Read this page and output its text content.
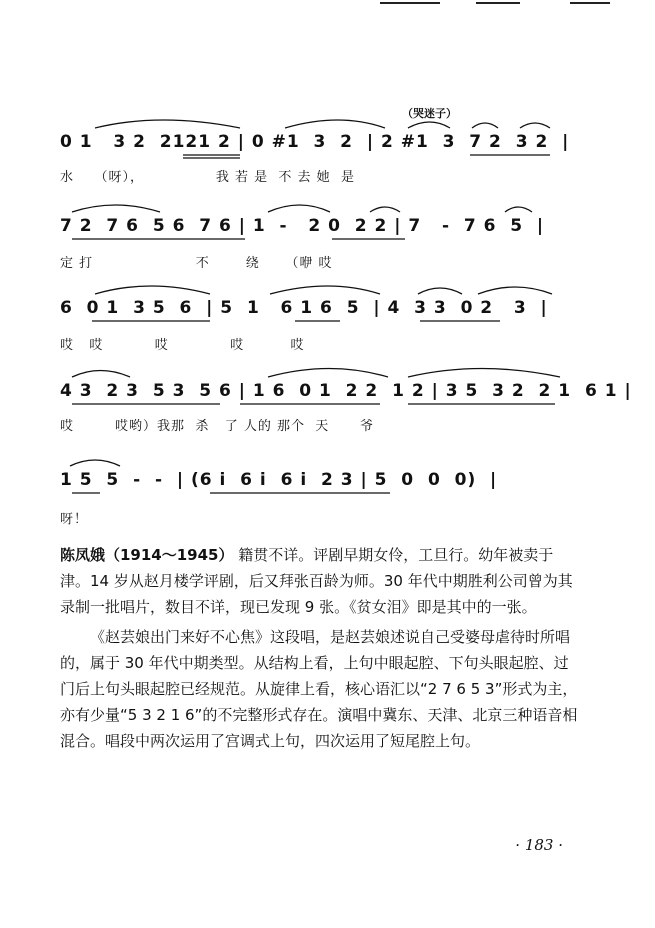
（哭迷子）
0 1   3 2  2121 2 | 0 #1  3  2  | 2 #1  3  7 2  3 2  |
水    （呀），              我 若 是  不 去 她  是
7 2  7 6  5 6  7 6 | 1  -   2 0  2 2 | 7   -  7 6  5  |
定 打                    不       绕     （咿 哎
6  0 1  3 5  6  | 5  1   6 1 6  5  | 4  3 3  0 2   3  |
哎   哎          哎            哎         哎
4 3  2 3  5 3  5 6 | 1 6  0 1  2 2  1 2 | 3 5  3 2  2 1  6 1 |
哎        哎哟）我那  杀   了 人的 那个  天      爷
1 5  5  -  -  | (6 i  6 i  6 i  2 3 | 5  0  0  0)  |
呀！

陈凤娥（1914～1945） 籍贯不详。评剧早期女伶，工旦行。幼年被卖于津。14 岁从赵月楼学评剧，后又拜张百龄为师。30 年代中期胜利公司曾为其录制一批唱片，数目不详，现已发现 9 张。《贫女泪》即是其中的一张。

《赵芸娘出门来好不心焦》这段唱，是赵芸娘述说自己受婆母虐待时所唱的，属于 30 年代中期类型。从结构上看，上句中眼起腔、下句头眼起腔、过门后上句头眼起腔已经规范。从旋律上看，核心语汇以“2 7 6 5 3”形式为主，亦有少量“5 3 2 1 6”的不完整形式存在。演唱中冀东、天津、北京三种语音相混合。唱段中两次运用了宫调式上句，四次运用了短尾腔上句。

· 183 ·
